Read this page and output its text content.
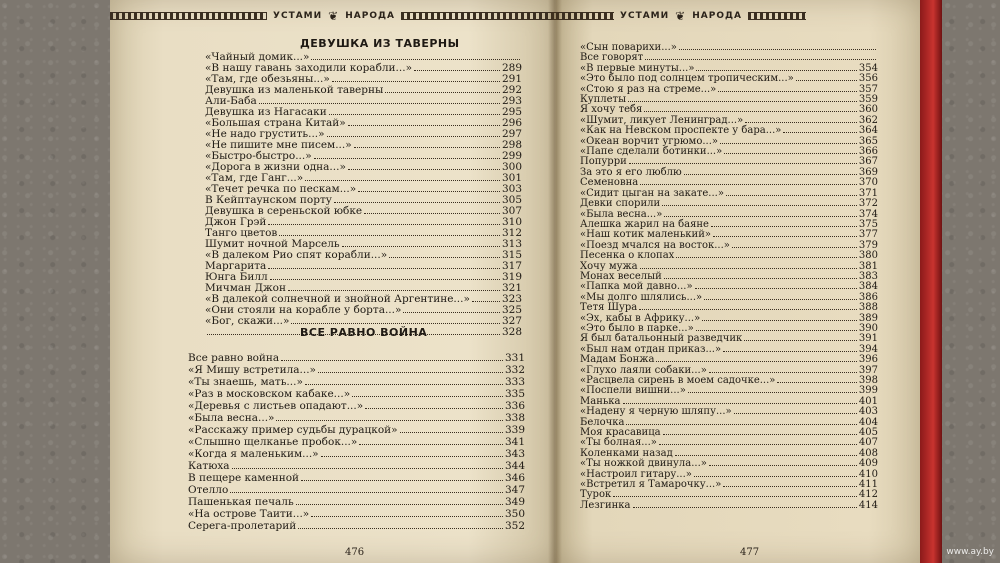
УСТАМИ ❦ НАРОДА	УСТАМИ ❦ НАРОДА
ДЕВУШКА ИЗ ТАВЕРНЫ
«Чайный домик...»
«В нашу гавань заходили корабли...»	289
«Там, где обезьяны...»	291
Девушка из маленькой таверны	292
Али-Баба	293
Девушка из Нагасаки	295
«Большая страна Китай»	296
«Не надо грустить...»	297
«Не пишите мне писем...»	298
«Быстро-быстро...»	299
«Дорога в жизни одна...»	300
«Там, где Ганг...»	301
«Течет речка по пескам...»	303
В Кейптаунском порту	305
Девушка в сереньской юбке	307
Джон Грэй	310
Танго цветов	312
Шумит ночной Марсель	313
«В далеком Рио спят корабли...»	315
Маргарита	317
Юнга Билл	319
Мичман Джон	321
«В далекой солнечной и знойной Аргентине...»	323
«Они стояли на корабле у борта...»	325
«Бог, скажи...»	327
328
ВСЕ РАВНО ВОЙНА
Все равно война	331
«Я Мишу встретила...»	332
«Ты знаешь, мать...»	333
«Раз в московском кабаке...»	335
«Деревья с листьев опадают...»	336
«Была весна...»	338
«Расскажу пример судьбы дурацкой»	339
«Слышно щелканье пробок...»	341
«Когда я маленьким...»	343
Катюха	344
В пещере каменной	346
Отелло	347
Пашенькая печаль	349
«На острове Таити...»	350
Серега-пролетарий	352
476
«Сын поварихи...»
Все говорят
«В первые минуты...»	354
«Это было под солнцем тропическим...»	356
«Стою я раз на стреме...»	357
Куплеты	359
Я хочу тебя	360
«Шумит, ликует Ленинград...»	362
«Как на Невском проспекте у бара...»	364
«Океан ворчит угрюмо...»	365
«Папе сделали ботинки...»	366
Попурри	367
За это я его люблю	369
Семеновна	370
«Сидит цыган на закате...»	371
Девки спорили	372
«Была весна...»	374
Алешка жарил на баяне	375
«Наш котик маленький»	377
«Поезд мчался на восток...»	379
Песенка о клопах	380
Хочу мужа	381
Монах веселый	383
«Папка мой давно...»	384
«Мы долго шлялись...»	386
Тетя Шура	388
«Эх, кабы в Африку...»	389
«Это было в парке...»	390
Я был батальонный разведчик	391
«Был нам отдан приказ...»	394
Мадам Бонжа	396
«Глухо лаяли собаки...»	397
«Расцвела сирень в моем садочке...»	398
«Поспели вишни...»	399
Манька	401
«Надену я черную шляпу...»	403
Белочка	404
Моя красавица	405
«Ты болная...»	407
Коленками назад	408
«Ты ножкой двинула...»	409
«Настроил гитару...»	410
«Встретил я Тамарочку...»	411
Турок	412
Лезгинка	414
477	www.ay.by
